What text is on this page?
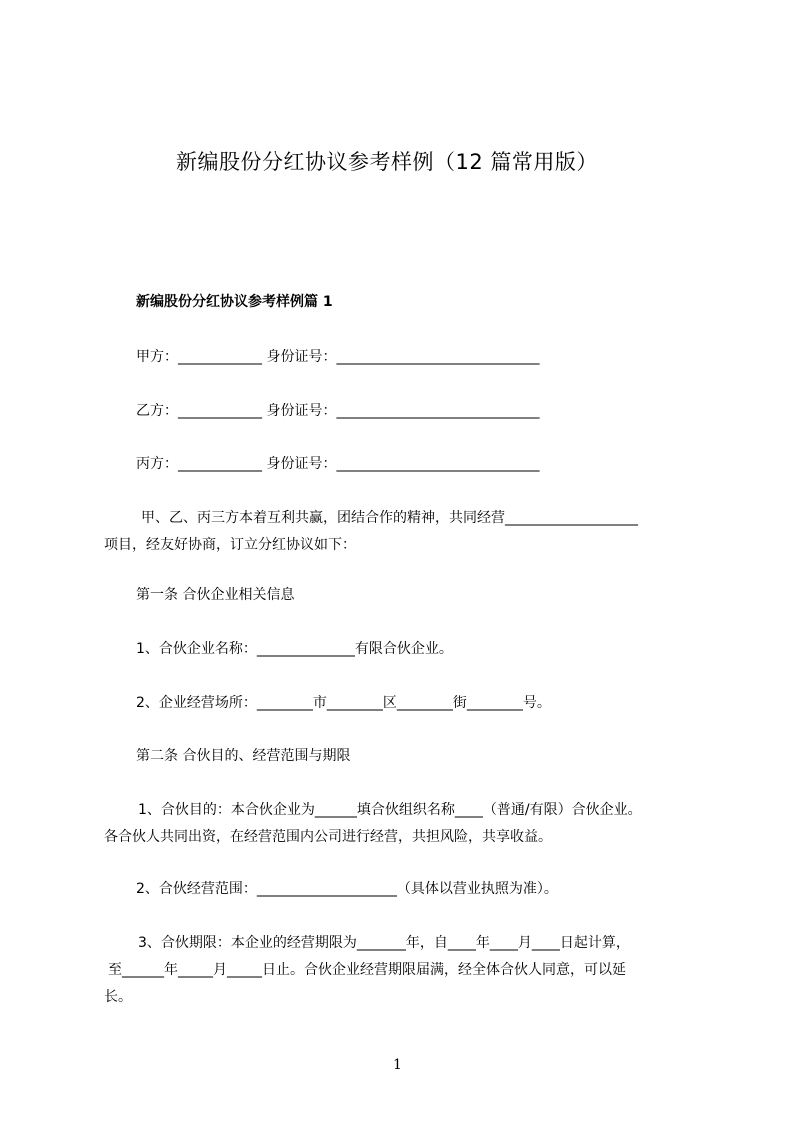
新编股份分红协议参考样例（12 篇常用版）
新编股份分红协议参考样例篇 1
甲方：____________ 身份证号：_____________________________
乙方：____________ 身份证号：_____________________________
丙方：____________ 身份证号：_____________________________
甲、乙、丙三方本着互利共赢，团结合作的精神，共同经营___________________
项目，经友好协商，订立分红协议如下：
第一条 合伙企业相关信息
1、合伙企业名称：______________有限合伙企业。
2、企业经营场所：________市________区________街________号。
第二条 合伙目的、经营范围与期限
1、合伙目的：本合伙企业为______填合伙组织名称____（普通/有限）合伙企业。
各合伙人共同出资，在经营范围内公司进行经营，共担风险，共享收益。
2、合伙经营范围：____________________（具体以营业执照为准）。
3、合伙期限：本企业的经营期限为_______年，自____年____月____日起计算，
至______年_____月_____日止。合伙企业经营期限届满，经全体合伙人同意，可以延
长。
1
